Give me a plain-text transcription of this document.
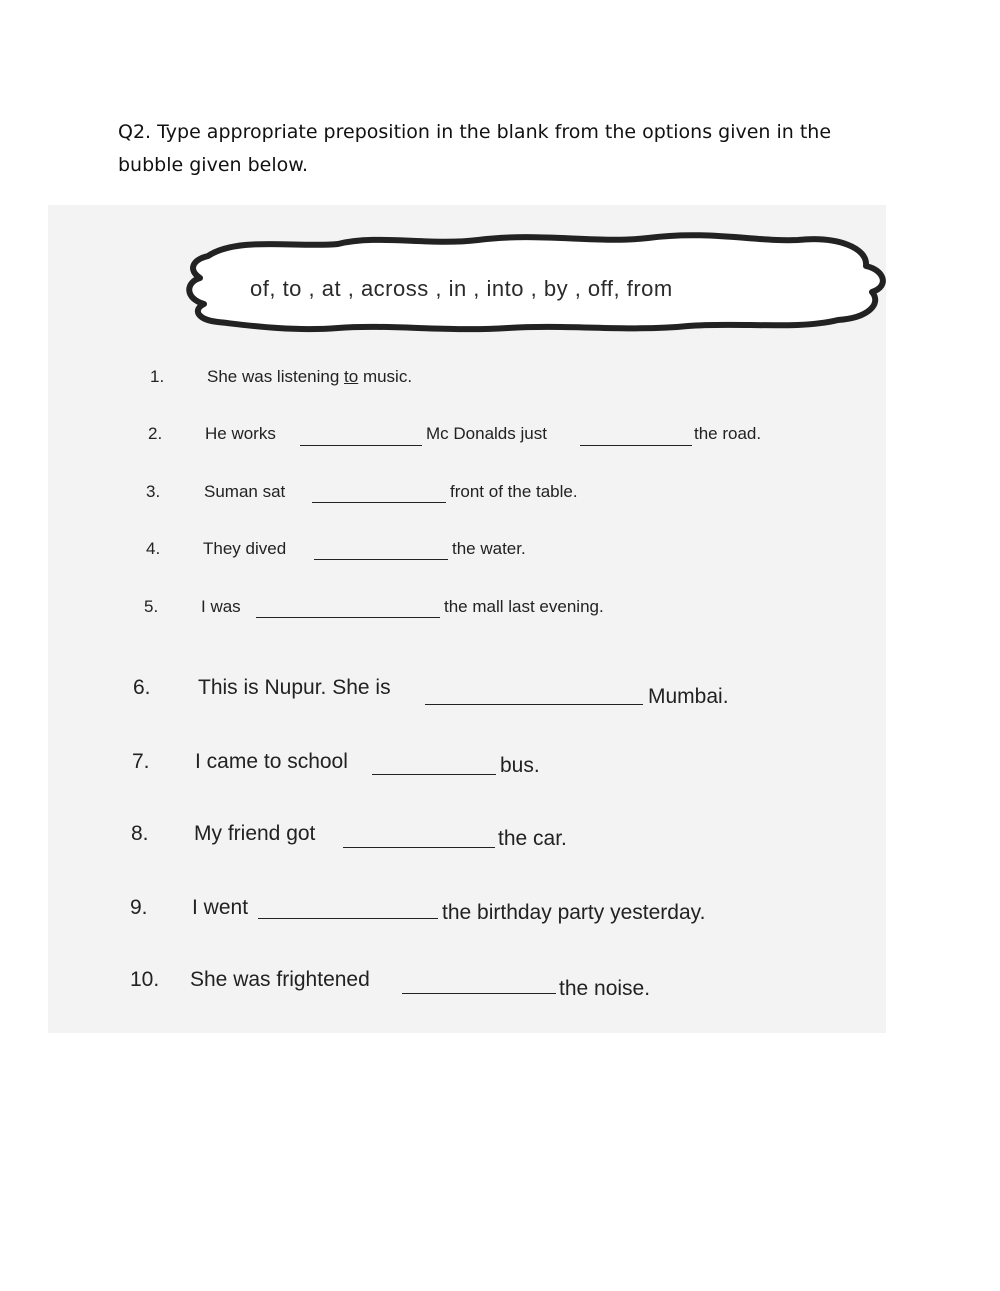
Q2. Type appropriate preposition in the blank from the options given in the
bubble given below.
of, to , at , across , in , into , by , off, from
1.	She was listening to music.
2.	He works	Mc Donalds just	the road.
3.	Suman sat	front of the table.
4.	They dived	the water.
5.	I was	the mall last evening.
6. This is Nupur. She is	Mumbai.
7. I came to school	bus.
8. My friend got	the car.
9. I went	the birthday party yesterday.
10. She was frightened	the noise.
